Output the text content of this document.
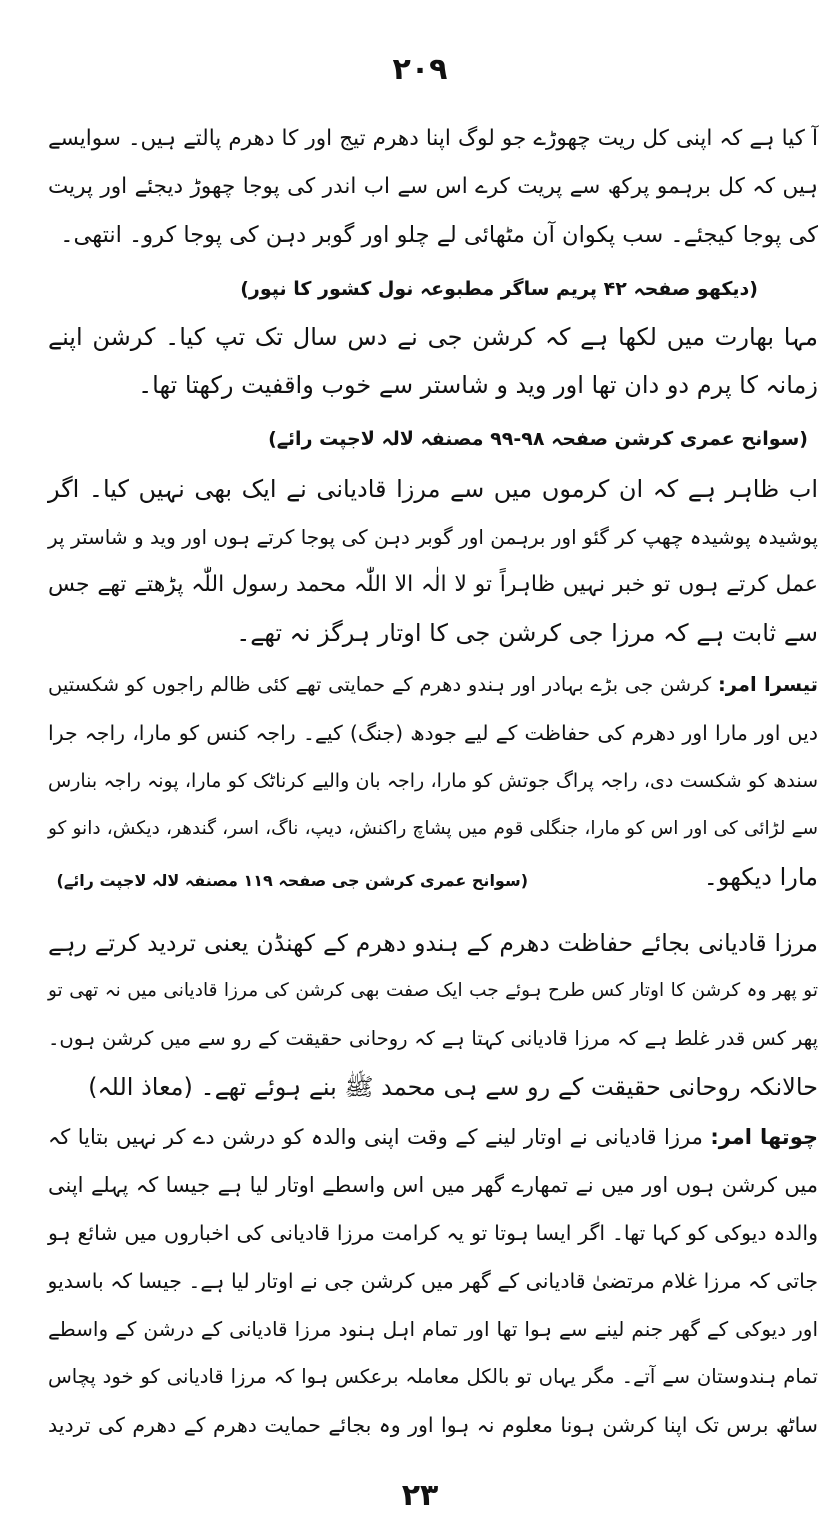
۲۰۹
آ کیا ہے کہ اپنی کل ریت چھوڑے جو لوگ اپنا دھرم تیج اور کا دھرم پالتے ہیں۔ سوایسے
ہیں کہ کل برہمو پرکھ سے پریت کرے اس سے اب اندر کی پوجا چھوڑ دیجئے اور پریت
کی پوجا کیجئے۔ سب پکوان آن مٹھائی لے چلو اور گوبر دہن کی پوجا کرو۔ انتھی۔
(دیکھو صفحہ ۴۲ پریم ساگر مطبوعہ نول کشور کا نپور)
مہا بھارت میں لکھا ہے کہ کرشن جی نے دس سال تک تپ کیا۔ کرشن اپنے
زمانہ کا پرم دو دان تھا اور وید و شاستر سے خوب واقفیت رکھتا تھا۔
(سوانح عمری کرشن صفحہ ۹۸-۹۹ مصنفہ لالہ لاجپت رائے)
اب ظاہر ہے کہ ان کرموں میں سے مرزا قادیانی نے ایک بھی نہیں کیا۔ اگر
پوشیدہ پوشیدہ چھپ کر گئو اور برہمن اور گوبر دہن کی پوجا کرتے ہوں اور وید و شاستر پر
عمل کرتے ہوں تو خبر نہیں ظاہراً تو لا الٰہ الا اللّٰہ محمد رسول اللّٰہ پڑھتے تھے جس
سے ثابت ہے کہ مرزا جی کرشن جی کا اوتار ہرگز نہ تھے۔
تیسرا امر: کرشن جی بڑے بہادر اور ہندو دھرم کے حمایتی تھے کئی ظالم راجوں کو شکستیں
دیں اور مارا اور دھرم کی حفاظت کے لیے جودھ (جنگ) کیے۔ راجہ کنس کو مارا، راجہ جرا
سندھ کو شکست دی، راجہ پراگ جوتش کو مارا، راجہ بان والیے کرناٹک کو مارا، پونہ راجہ بنارس
سے لڑائی کی اور اس کو مارا، جنگلی قوم میں پشاچ راکنش، دیپ، ناگ، اسر، گندھر، دیکش، دانو کو
مارا دیکھو۔
(سوانح عمری کرشن جی صفحہ ۱۱۹ مصنفہ لالہ لاجپت رائے)
مرزا قادیانی بجائے حفاظت دھرم کے ہندو دھرم کے کھنڈن یعنی تردید کرتے رہے
تو پھر وہ کرشن کا اوتار کس طرح ہوئے جب ایک صفت بھی کرشن کی مرزا قادیانی میں نہ تھی تو
پھر کس قدر غلط ہے کہ مرزا قادیانی کہتا ہے کہ روحانی حقیقت کے رو سے میں کرشن ہوں۔
حالانکہ روحانی حقیقت کے رو سے ہی محمد ﷺ بنے ہوئے تھے۔ (معاذ اللہ)
چوتھا امر: مرزا قادیانی نے اوتار لینے کے وقت اپنی والدہ کو درشن دے کر نہیں بتایا کہ
میں کرشن ہوں اور میں نے تمھارے گھر میں اس واسطے اوتار لیا ہے جیسا کہ پہلے اپنی
والدہ دیوکی کو کہا تھا۔ اگر ایسا ہوتا تو یہ کرامت مرزا قادیانی کی اخباروں میں شائع ہو
جاتی کہ مرزا غلام مرتضیٰ قادیانی کے گھر میں کرشن جی نے اوتار لیا ہے۔ جیسا کہ باسدیو
اور دیوکی کے گھر جنم لینے سے ہوا تھا اور تمام اہل ہنود مرزا قادیانی کے درشن کے واسطے
تمام ہندوستان سے آتے۔ مگر یہاں تو بالکل معاملہ برعکس ہوا کہ مرزا قادیانی کو خود پچاس
ساٹھ برس تک اپنا کرشن ہونا معلوم نہ ہوا اور وہ بجائے حمایت دھرم کے دھرم کی تردید
۲۳
